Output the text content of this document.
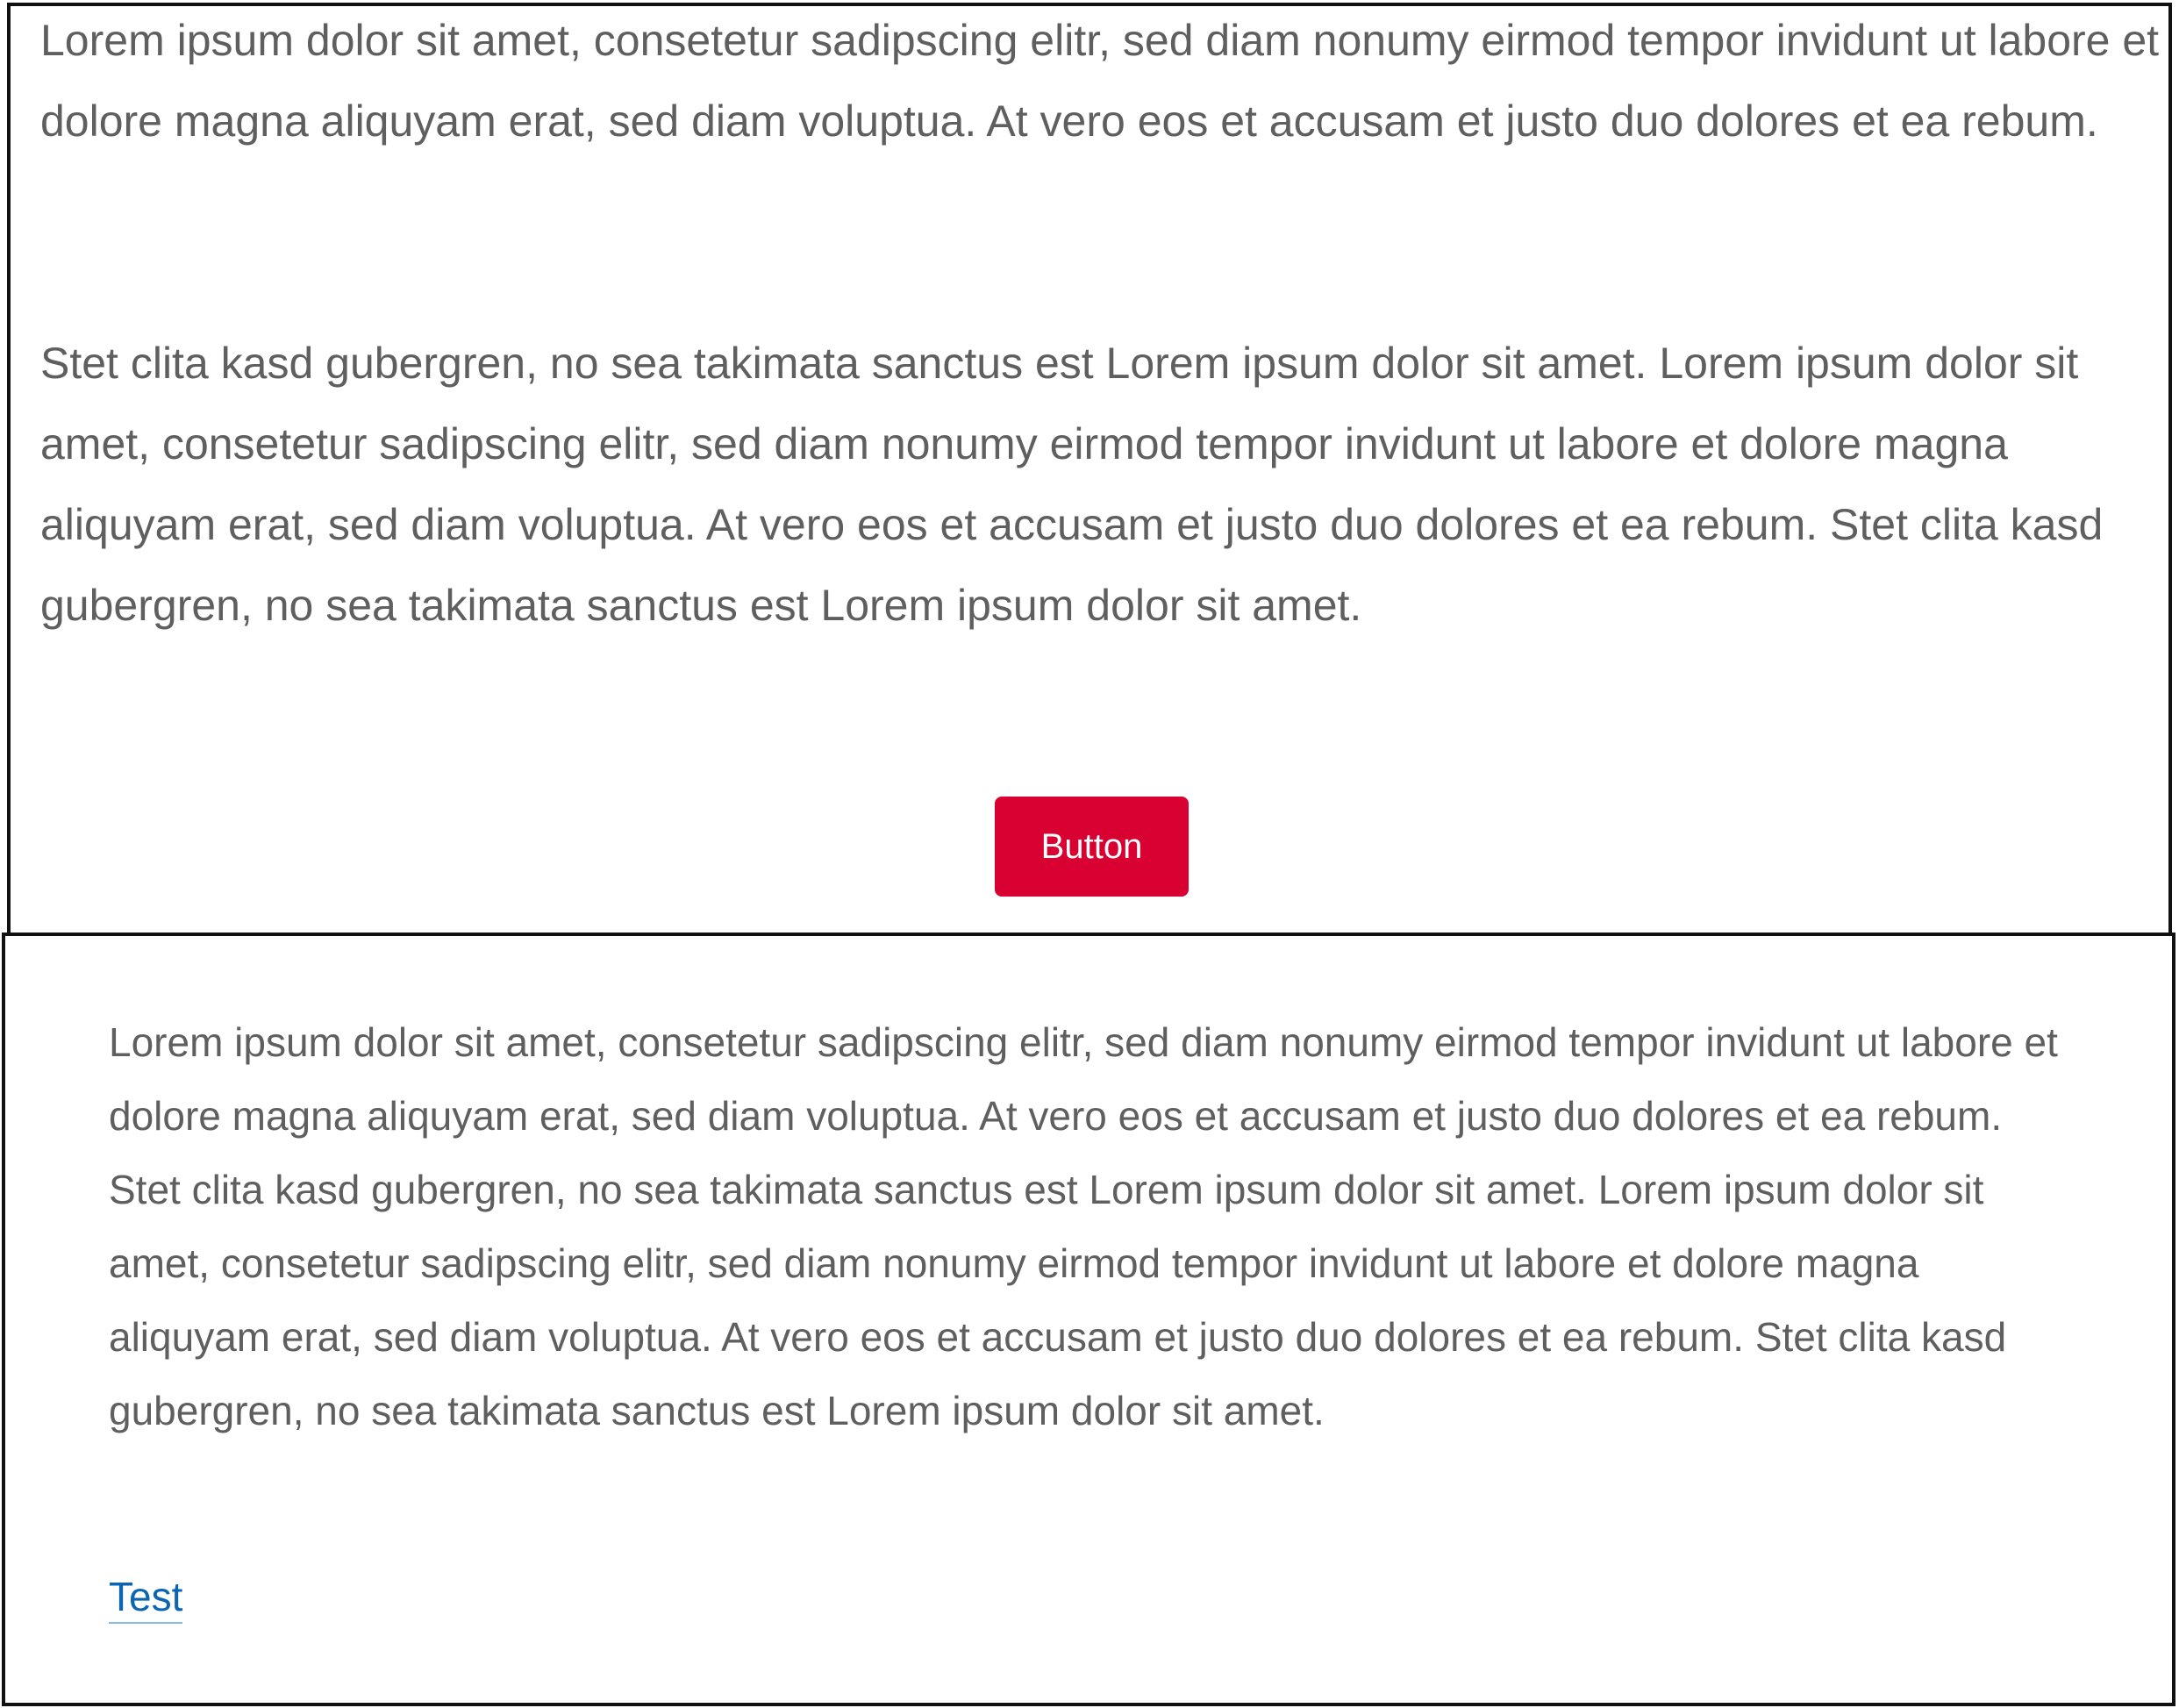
Lorem ipsum dolor sit amet, consetetur sadipscing elitr, sed diam nonumy eirmod tempor invidunt ut labore et dolore magna aliquyam erat, sed diam voluptua. At vero eos et accusam et justo duo dolores et ea rebum.

Stet clita kasd gubergren, no sea takimata sanctus est Lorem ipsum dolor sit amet. Lorem ipsum dolor sit amet, consetetur sadipscing elitr, sed diam nonumy eirmod tempor invidunt ut labore et dolore magna aliquyam erat, sed diam voluptua. At vero eos et accusam et justo duo dolores et ea rebum. Stet clita kasd gubergren, no sea takimata sanctus est Lorem ipsum dolor sit amet.

Button

Lorem ipsum dolor sit amet, consetetur sadipscing elitr, sed diam nonumy eirmod tempor invidunt ut labore et dolore magna aliquyam erat, sed diam voluptua. At vero eos et accusam et justo duo dolores et ea rebum. Stet clita kasd gubergren, no sea takimata sanctus est Lorem ipsum dolor sit amet. Lorem ipsum dolor sit amet, consetetur sadipscing elitr, sed diam nonumy eirmod tempor invidunt ut labore et dolore magna aliquyam erat, sed diam voluptua. At vero eos et accusam et justo duo dolores et ea rebum. Stet clita kasd gubergren, no sea takimata sanctus est Lorem ipsum dolor sit amet.

Test
